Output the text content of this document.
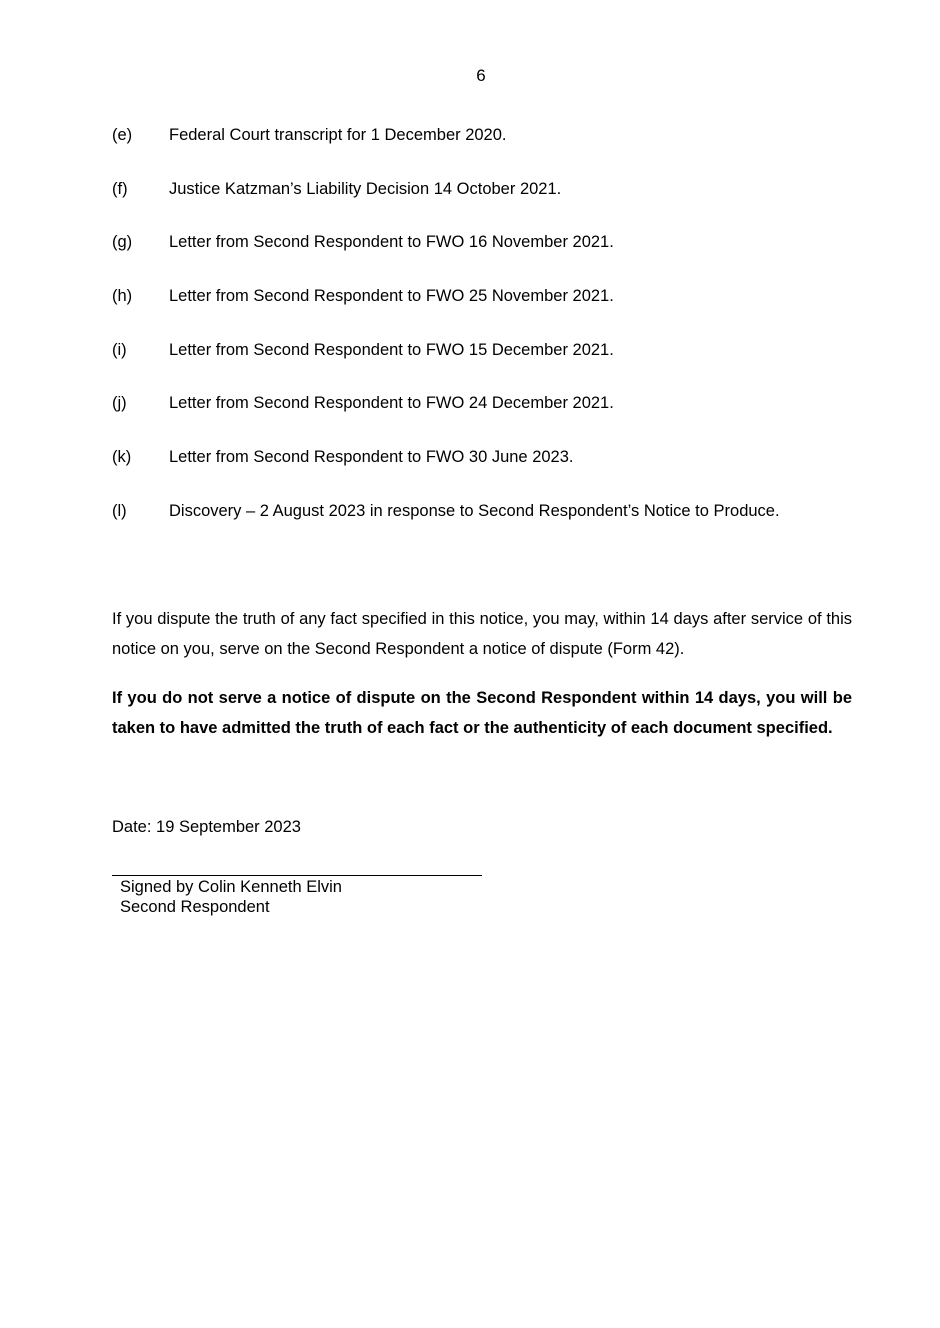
6
(e) Federal Court transcript for 1 December 2020.
(f)	Justice Katzman’s Liability Decision 14 October 2021.
(g) Letter from Second Respondent to FWO 16 November 2021.
(h) Letter from Second Respondent to FWO 25 November 2021.
(i)	Letter from Second Respondent to FWO 15 December 2021.
(j)	Letter from Second Respondent to FWO 24 December 2021.
(k) Letter from Second Respondent to FWO 30 June 2023.
(l)	Discovery – 2 August 2023 in response to Second Respondent’s Notice to Produce.

If you dispute the truth of any fact specified in this notice, you may, within 14 days after service of this notice on you, serve on the Second Respondent a notice of dispute (Form 42).

If you do not serve a notice of dispute on the Second Respondent within 14 days, you will be taken to have admitted the truth of each fact or the authenticity of each document specified.

Date: 19 September 2023
Signed by Colin Kenneth Elvin
Second Respondent
